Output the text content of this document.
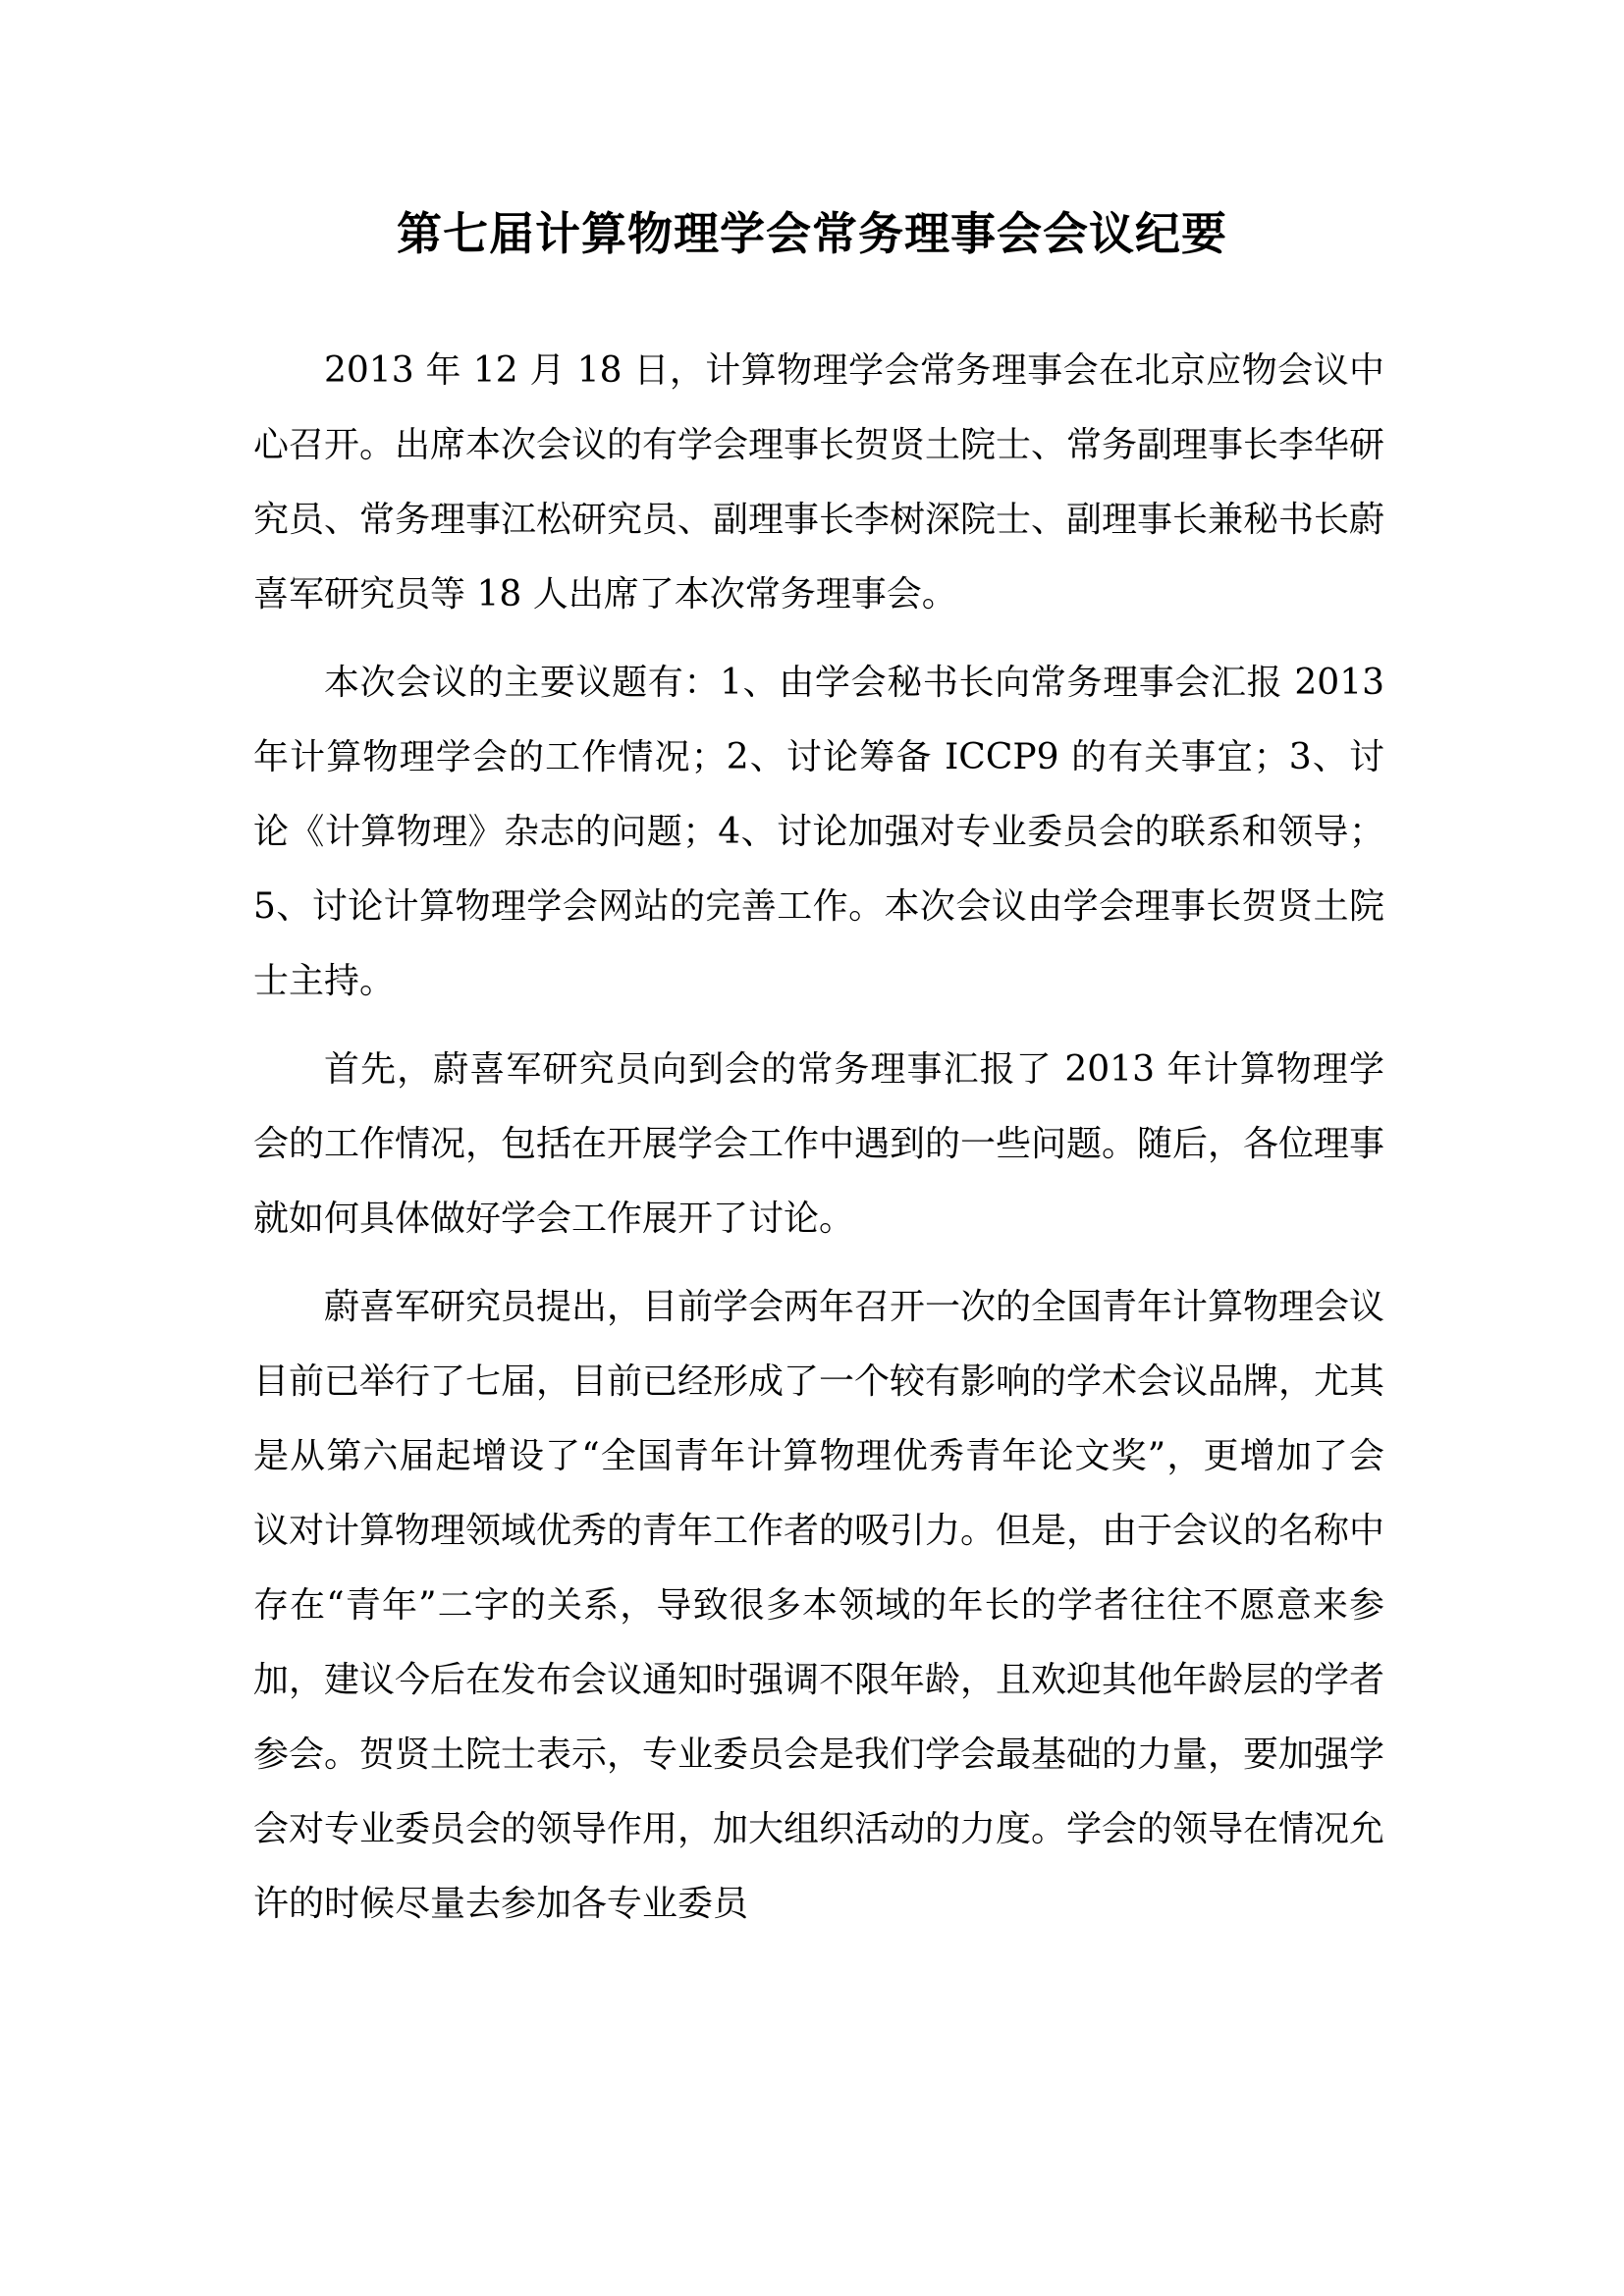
第七届计算物理学会常务理事会会议纪要

2013 年 12 月 18 日，计算物理学会常务理事会在北京应物会议中心召开。出席本次会议的有学会理事长贺贤土院士、常务副理事长李华研究员、常务理事江松研究员、副理事长李树深院士、副理事长兼秘书长蔚喜军研究员等 18 人出席了本次常务理事会。

本次会议的主要议题有：1、由学会秘书长向常务理事会汇报 2013 年计算物理学会的工作情况；2、讨论筹备 ICCP9 的有关事宜；3、讨论《计算物理》杂志的问题；4、讨论加强对专业委员会的联系和领导；5、讨论计算物理学会网站的完善工作。本次会议由学会理事长贺贤土院士主持。

首先，蔚喜军研究员向到会的常务理事汇报了 2013 年计算物理学会的工作情况，包括在开展学会工作中遇到的一些问题。随后，各位理事就如何具体做好学会工作展开了讨论。

蔚喜军研究员提出，目前学会两年召开一次的全国青年计算物理会议目前已举行了七届，目前已经形成了一个较有影响的学术会议品牌，尤其是从第六届起增设了“全国青年计算物理优秀青年论文奖”，更增加了会议对计算物理领域优秀的青年工作者的吸引力。但是，由于会议的名称中存在“青年”二字的关系，导致很多本领域的年长的学者往往不愿意来参加，建议今后在发布会议通知时强调不限年龄，且欢迎其他年龄层的学者参会。贺贤土院士表示，专业委员会是我们学会最基础的力量，要加强学会对专业委员会的领导作用，加大组织活动的力度。学会的领导在情况允许的时候尽量去参加各专业委员
